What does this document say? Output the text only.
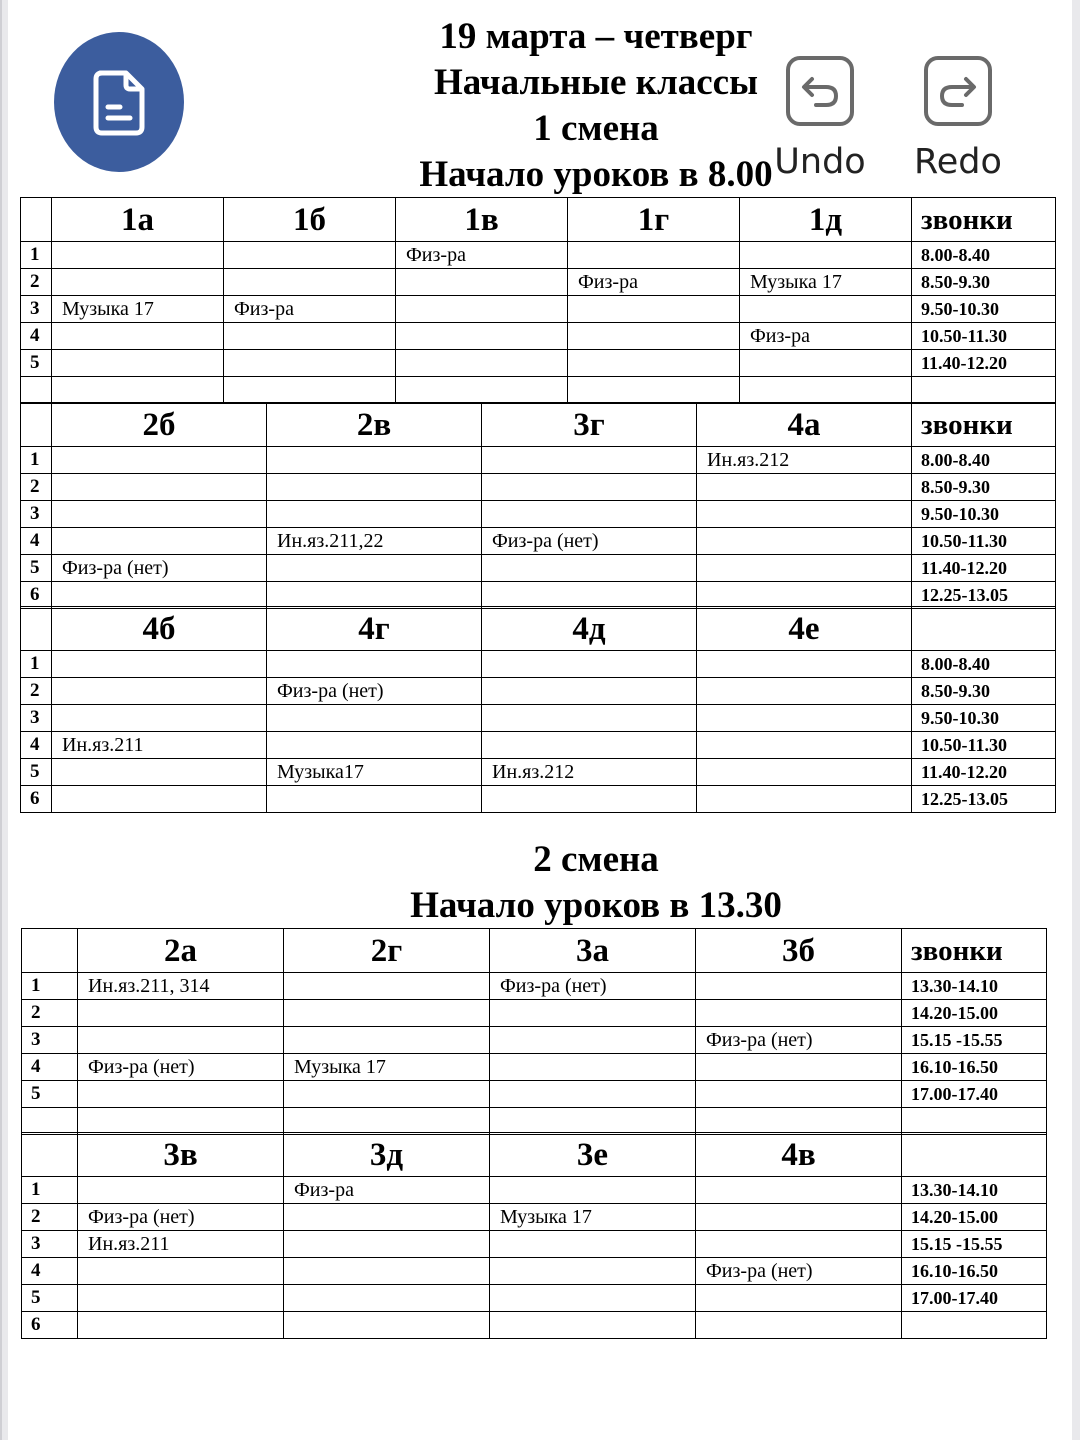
19 марта – четверг
Начальные классы
1 смена
Начало уроков в 8.00
2 смена
Начало уроков в 13.30
Undo	Redo
	1а	1б	1в	1г	1д	звонки
1			Физ-ра			8.00-8.40
2				Физ-ра	Музыка 17	8.50-9.30
3	Музыка 17	Физ-ра				9.50-10.30
4					Физ-ра	10.50-11.30
5						11.40-12.20

	2б	2в	3г	4а	звонки
1				Ин.яз.212	8.00-8.40
2					8.50-9.30
3					9.50-10.30
4		Ин.яз.211,22	Физ-ра (нет)		10.50-11.30
5	Физ-ра (нет)				11.40-12.20
6					12.25-13.05
	4б	4г	4д	4е	
1					8.00-8.40
2		Физ-ра (нет)			8.50-9.30
3					9.50-10.30
4	Ин.яз.211				10.50-11.30
5		Музыка17	Ин.яз.212		11.40-12.20
6					12.25-13.05
	2а	2г	3а	3б	звонки
1	Ин.яз.211, 314		Физ-ра (нет)		13.30-14.10
2					14.20-15.00
3				Физ-ра (нет)	15.15 -15.55
4	Физ-ра (нет)	Музыка 17			16.10-16.50
5					17.00-17.40

	3в	3д	3е	4в	
1		Физ-ра			13.30-14.10
2	Физ-ра (нет)		Музыка 17		14.20-15.00
3	Ин.яз.211				15.15 -15.55
4				Физ-ра (нет)	16.10-16.50
5					17.00-17.40
6					
